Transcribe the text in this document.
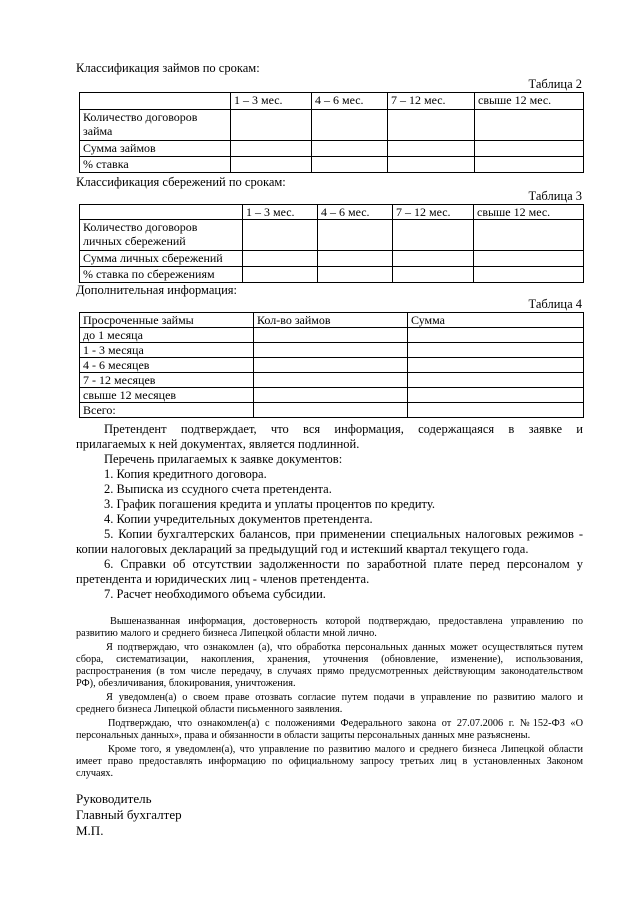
Классификация займов по срокам:
Таблица 2
	1 – 3 мес.	4 – 6 мес.	7 – 12 мес.	свыше 12 мес.
Количество договоров займа				
Сумма займов				
% ставка				
Классификация сбережений по срокам:
Таблица 3
	1 – 3 мес.	4 – 6 мес.	7 – 12 мес.	свыше 12 мес.
Количество договоров личных сбережений				
Сумма личных сбережений				
% ставка по сбережениям				
Дополнительная информация:
Таблица 4
Просроченные займы	Кол-во займов	Сумма
до 1 месяца		
1 - 3 месяца		
4 - 6 месяцев		
7 - 12 месяцев		
свыше 12 месяцев		
Всего:		
Претендент подтверждает, что вся информация, содержащаяся в заявке и
прилагаемых к ней документах, является подлинной.
Перечень прилагаемых к заявке документов:
1. Копия кредитного договора.
2. Выписка из ссудного счета претендента.
3. График погашения кредита и уплаты процентов по кредиту.
4. Копии учредительных документов претендента.
5. Копии бухгалтерских балансов, при применении специальных налоговых режимов -
копии налоговых деклараций за предыдущий год и истекший квартал текущего года.
6. Справки об отсутствии задолженности по заработной плате перед персоналом у
претендента и юридических лиц - членов претендента.
7. Расчет необходимого объема субсидии.
Вышеназванная информация, достоверность которой подтверждаю, предоставлена управлению по
развитию малого и среднего бизнеса Липецкой области мной лично.
Я подтверждаю, что ознакомлен (а), что обработка персональных данных может осуществляться путем
сбора, систематизации, накопления, хранения, уточнения (обновление, изменение), использования,
распространения (в том числе передачу, в случаях прямо предусмотренных действующим законодательством
РФ), обезличивания, блокирования, уничтожения.
Я уведомлен(а) о своем праве отозвать согласие путем подачи в управление по развитию малого и
среднего бизнеса Липецкой области письменного заявления.
Подтверждаю, что ознакомлен(а) с положениями Федерального закона от 27.07.2006 г. №152-ФЗ «О
персональных данных», права и обязанности в области защиты персональных данных мне разъяснены.
Кроме того, я уведомлен(а), что управление по развитию малого и среднего бизнеса Липецкой области
имеет право предоставлять информацию по официальному запросу третьих лиц в установленных Законом
случаях.
Руководитель
Главный бухгалтер
М.П.
